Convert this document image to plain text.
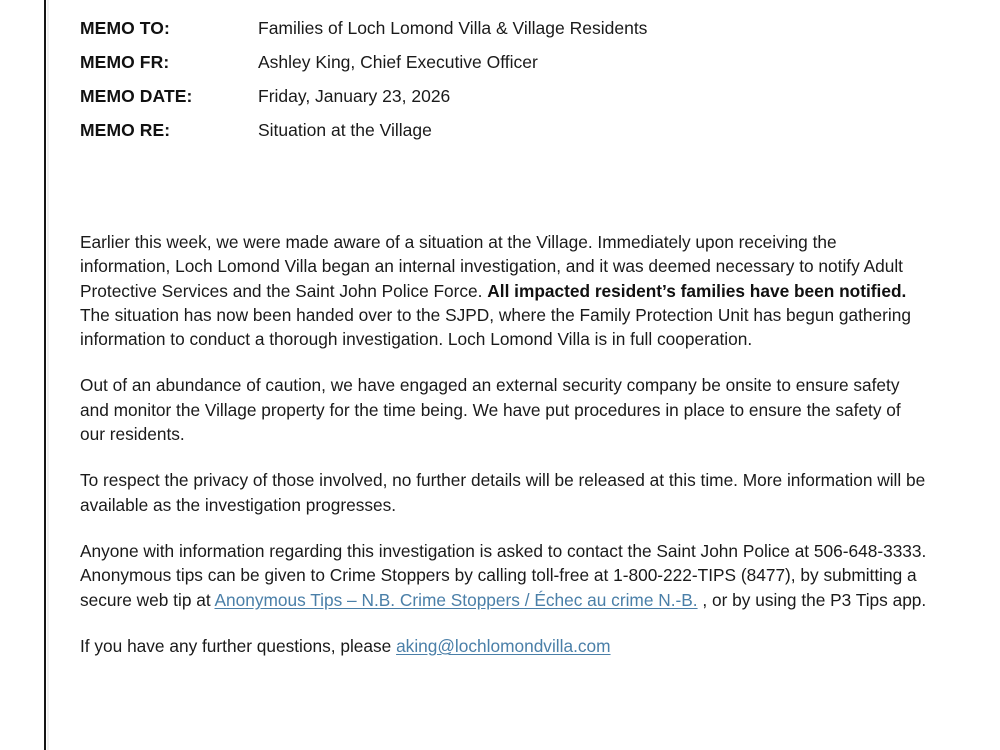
MEMO TO:	Families of Loch Lomond Villa & Village Residents
MEMO FR:	Ashley King, Chief Executive Officer
MEMO DATE:	Friday, January 23, 2026
MEMO RE:	Situation at the Village

Earlier this week, we were made aware of a situation at the Village. Immediately upon receiving the information, Loch Lomond Villa began an internal investigation, and it was deemed necessary to notify Adult Protective Services and the Saint John Police Force. All impacted resident’s families have been notified. The situation has now been handed over to the SJPD, where the Family Protection Unit has begun gathering information to conduct a thorough investigation. Loch Lomond Villa is in full cooperation.

Out of an abundance of caution, we have engaged an external security company be onsite to ensure safety and monitor the Village property for the time being. We have put procedures in place to ensure the safety of our residents.

To respect the privacy of those involved, no further details will be released at this time. More information will be available as the investigation progresses.

Anyone with information regarding this investigation is asked to contact the Saint John Police at 506-648-3333. Anonymous tips can be given to Crime Stoppers by calling toll-free at 1-800-222-TIPS (8477), by submitting a secure web tip at Anonymous Tips – N.B. Crime Stoppers / Échec au crime N.-B. , or by using the P3 Tips app.

If you have any further questions, please aking@lochlomondvilla.com
